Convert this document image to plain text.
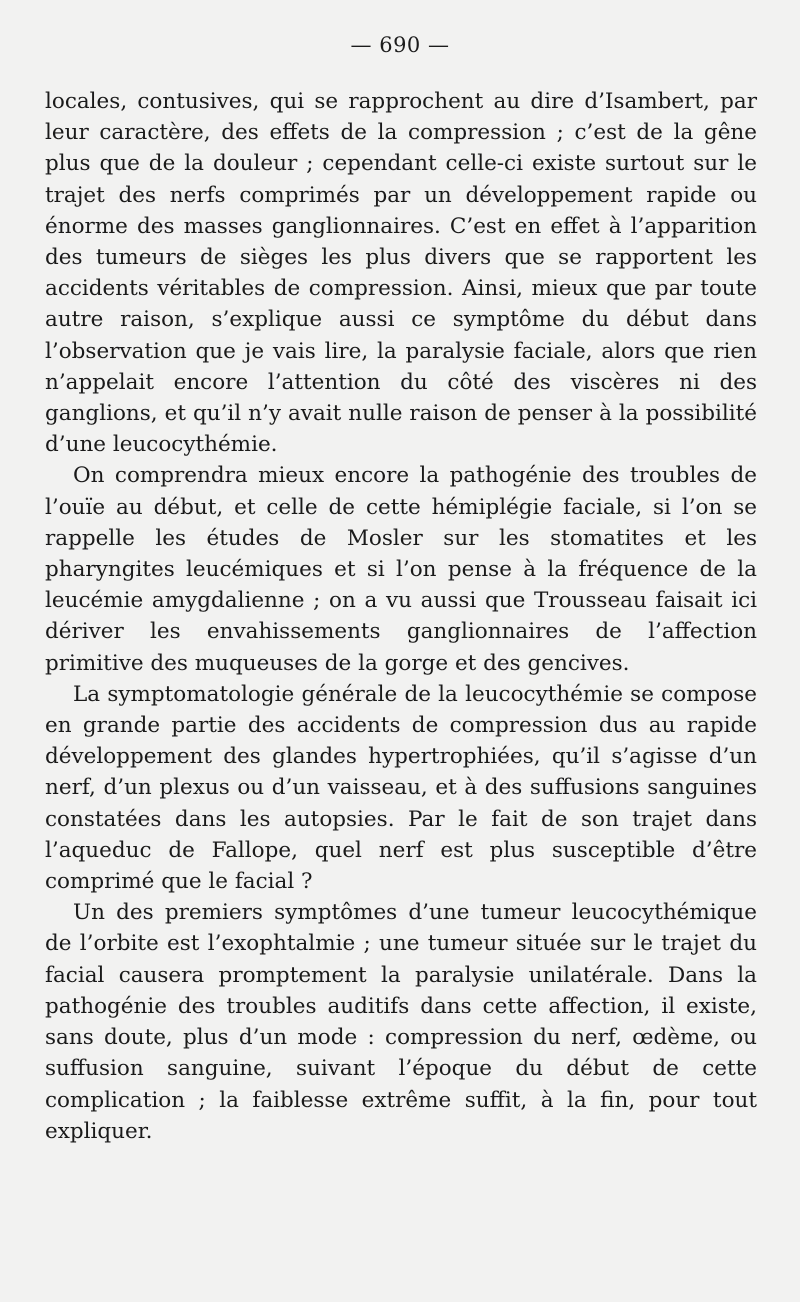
— 690 —

locales, contusives, qui se rapprochent au dire d’Isambert, par leur caractère, des effets de la compression ; c’est de la gêne plus que de la douleur ; cependant celle-ci existe surtout sur le trajet des nerfs comprimés par un développement rapide ou énorme des masses ganglionnaires. C’est en effet à l’apparition des tumeurs de sièges les plus divers que se rapportent les accidents véritables de compression. Ainsi, mieux que par toute autre raison, s’explique aussi ce symptôme du début dans l’observation que je vais lire, la paralysie faciale, alors que rien n’appelait encore l’attention du côté des viscères ni des ganglions, et qu’il n’y avait nulle raison de penser à la possibilité d’une leucocythémie.

On comprendra mieux encore la pathogénie des troubles de l’ouïe au début, et celle de cette hémiplégie faciale, si l’on se rappelle les études de Mosler sur les stomatites et les pharyngites leucémiques et si l’on pense à la fréquence de la leucémie amygdalienne ; on a vu aussi que Trousseau faisait ici dériver les envahissements ganglionnaires de l’affection primitive des muqueuses de la gorge et des gencives.

La symptomatologie générale de la leucocythémie se compose en grande partie des accidents de compression dus au rapide développement des glandes hypertrophiées, qu’il s’agisse d’un nerf, d’un plexus ou d’un vaisseau, et à des suffusions sanguines constatées dans les autopsies. Par le fait de son trajet dans l’aqueduc de Fallope, quel nerf est plus susceptible d’être comprimé que le facial ?

Un des premiers symptômes d’une tumeur leucocythémique de l’orbite est l’exophtalmie ; une tumeur située sur le trajet du facial causera promptement la paralysie unilatérale. Dans la pathogénie des troubles auditifs dans cette affection, il existe, sans doute, plus d’un mode : compression du nerf, œdème, ou suffusion sanguine, suivant l’époque du début de cette complication ; la faiblesse extrême suffit, à la fin, pour tout expliquer.
